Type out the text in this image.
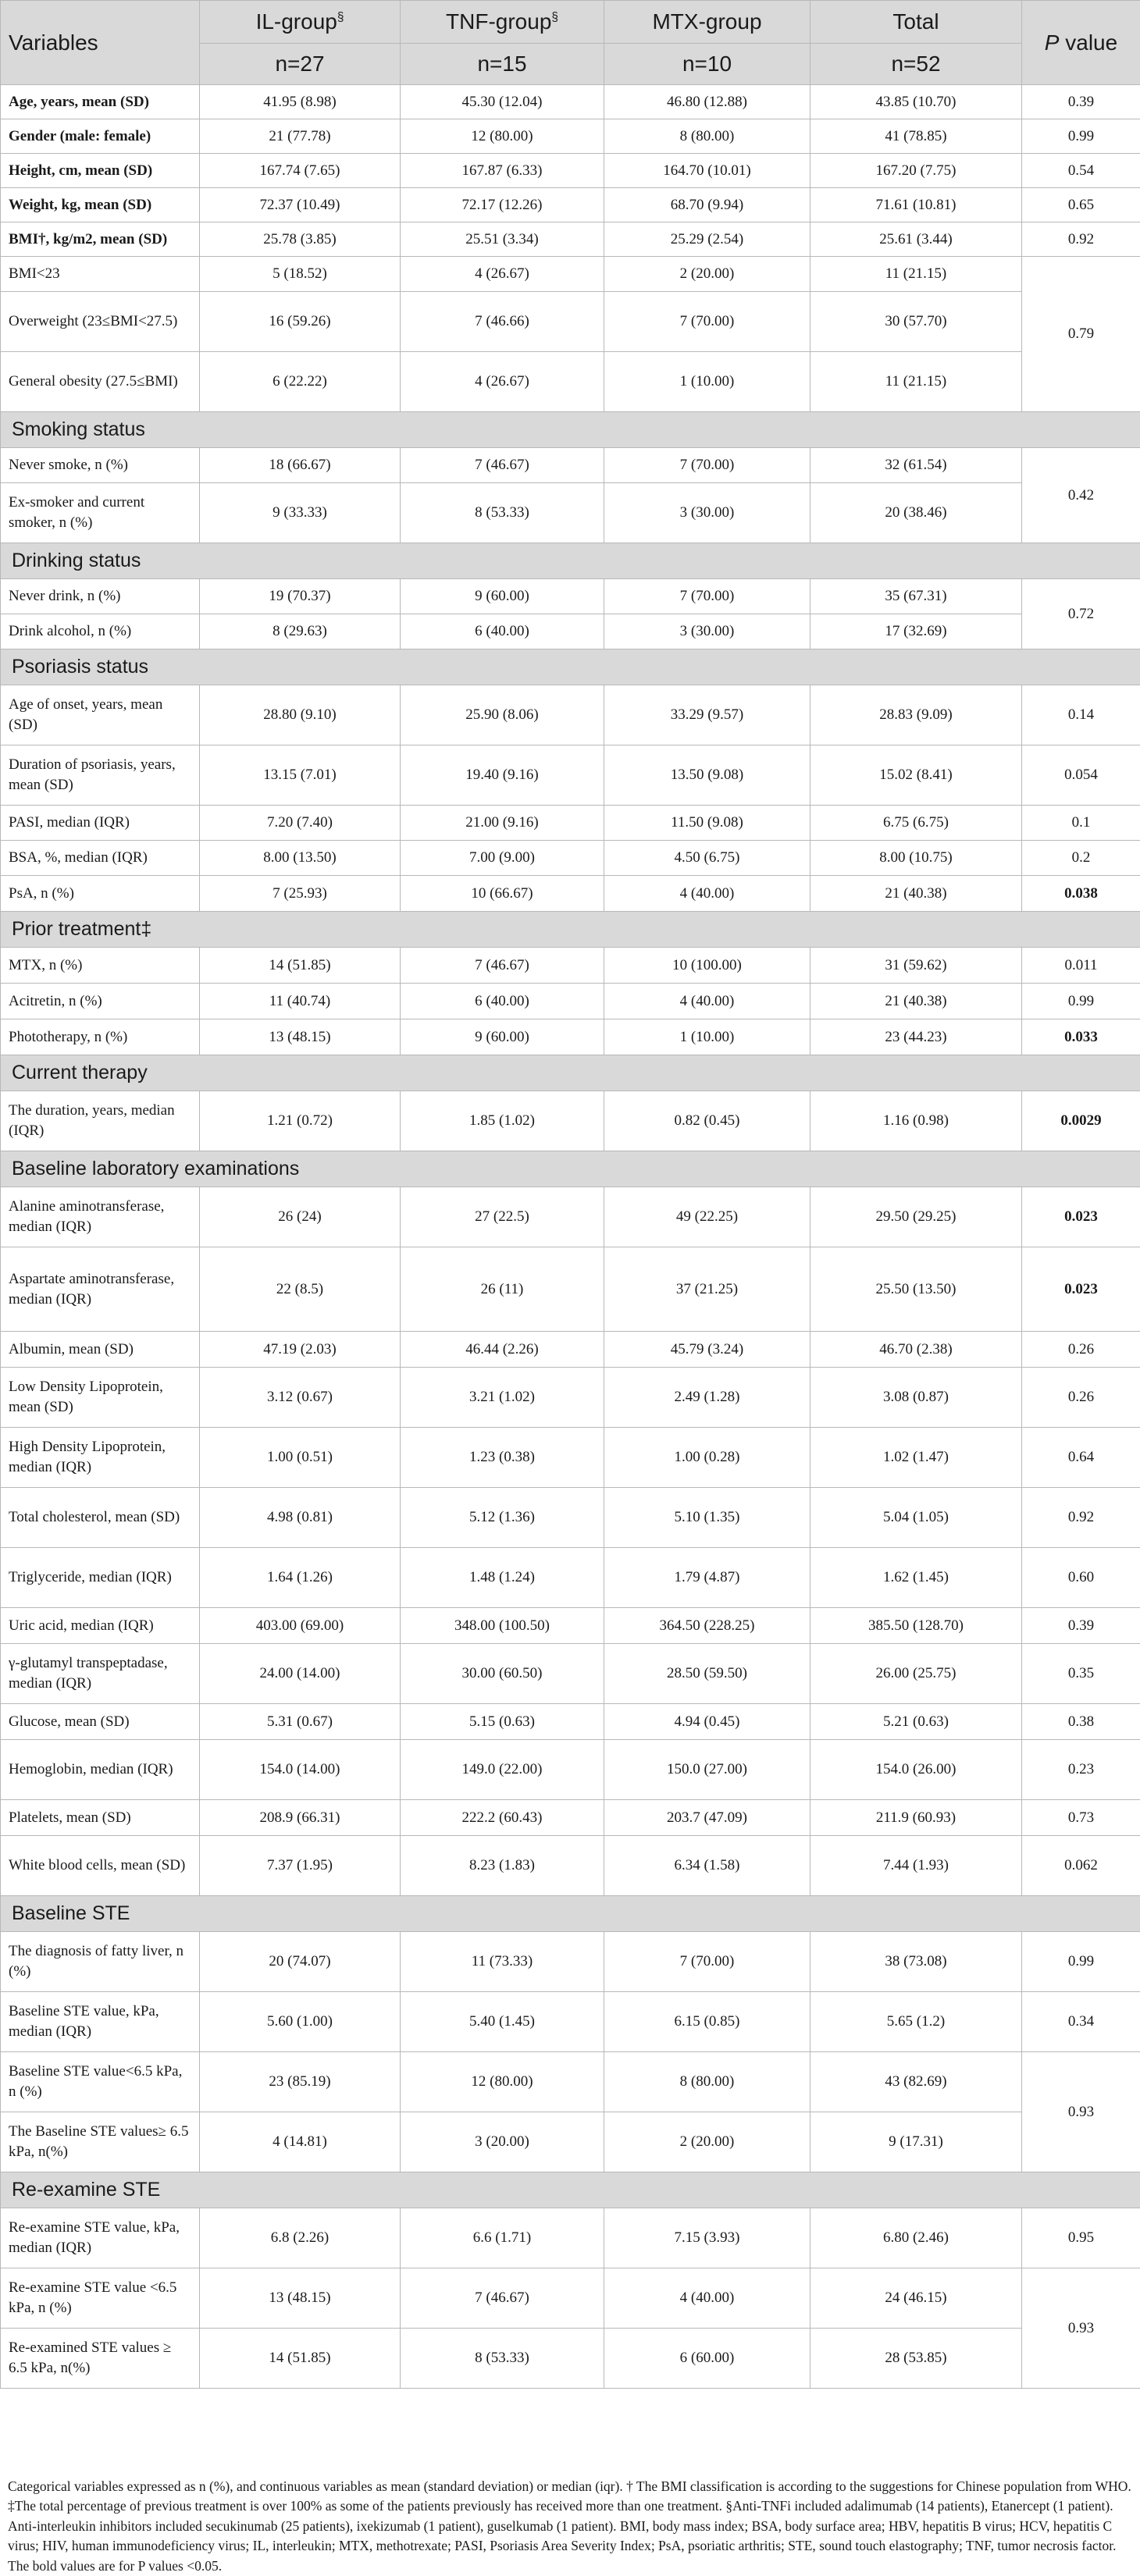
Variables	IL-group§	TNF-group§	MTX-group	Total	P value
	n=27	n=15	n=10	n=52	
Age, years, mean (SD)	41.95 (8.98)	45.30 (12.04)	46.80 (12.88)	43.85 (10.70)	0.39
Gender (male: female)	21 (77.78)	12 (80.00)	8 (80.00)	41 (78.85)	0.99
Height, cm, mean (SD)	167.74 (7.65)	167.87 (6.33)	164.70 (10.01)	167.20 (7.75)	0.54
Weight, kg, mean (SD)	72.37 (10.49)	72.17 (12.26)	68.70 (9.94)	71.61 (10.81)	0.65
BMI†, kg/m2, mean (SD)	25.78 (3.85)	25.51 (3.34)	25.29 (2.54)	25.61 (3.44)	0.92
BMI<23	5 (18.52)	4 (26.67)	2 (20.00)	11 (21.15)	0.79
Overweight (23≤BMI<27.5)	16 (59.26)	7 (46.66)	7 (70.00)	30 (57.70)	
General obesity (27.5≤BMI)	6 (22.22)	4 (26.67)	1 (10.00)	11 (21.15)	
Smoking status					
Never smoke, n (%)	18 (66.67)	7 (46.67)	7 (70.00)	32 (61.54)	0.42
Ex-smoker and current smoker, n (%)	9 (33.33)	8 (53.33)	3 (30.00)	20 (38.46)	
Drinking status					
Never drink, n (%)	19 (70.37)	9 (60.00)	7 (70.00)	35 (67.31)	0.72
Drink alcohol, n (%)	8 (29.63)	6 (40.00)	3 (30.00)	17 (32.69)	
Psoriasis status					
Age of onset, years, mean (SD)	28.80 (9.10)	25.90 (8.06)	33.29 (9.57)	28.83 (9.09)	0.14
Duration of psoriasis, years, mean (SD)	13.15 (7.01)	19.40 (9.16)	13.50 (9.08)	15.02 (8.41)	0.054
PASI, median (IQR)	7.20 (7.40)	21.00 (9.16)	11.50 (9.08)	6.75 (6.75)	0.1
BSA, %, median (IQR)	8.00 (13.50)	7.00 (9.00)	4.50 (6.75)	8.00 (10.75)	0.2
PsA, n (%)	7 (25.93)	10 (66.67)	4 (40.00)	21 (40.38)	0.038
Prior treatment‡					
MTX, n (%)	14 (51.85)	7 (46.67)	10 (100.00)	31 (59.62)	0.011
Acitretin, n (%)	11 (40.74)	6 (40.00)	4 (40.00)	21 (40.38)	0.99
Phototherapy, n (%)	13 (48.15)	9 (60.00)	1 (10.00)	23 (44.23)	0.033
Current therapy					
The duration, years, median (IQR)	1.21 (0.72)	1.85 (1.02)	0.82 (0.45)	1.16 (0.98)	0.0029
Baseline laboratory examinations					
Alanine aminotransferase, median (IQR)	26 (24)	27 (22.5)	49 (22.25)	29.50 (29.25)	0.023
Aspartate aminotransferase, median (IQR)	22 (8.5)	26 (11)	37 (21.25)	25.50 (13.50)	0.023
Albumin, mean (SD)	47.19 (2.03)	46.44 (2.26)	45.79 (3.24)	46.70 (2.38)	0.26
Low Density Lipoprotein, mean (SD)	3.12 (0.67)	3.21 (1.02)	2.49 (1.28)	3.08 (0.87)	0.26
High Density Lipoprotein, median (IQR)	1.00 (0.51)	1.23 (0.38)	1.00 (0.28)	1.02 (1.47)	0.64
Total cholesterol, mean (SD)	4.98 (0.81)	5.12 (1.36)	5.10 (1.35)	5.04 (1.05)	0.92
Triglyceride, median (IQR)	1.64 (1.26)	1.48 (1.24)	1.79 (4.87)	1.62 (1.45)	0.60
Uric acid, median (IQR)	403.00 (69.00)	348.00 (100.50)	364.50 (228.25)	385.50 (128.70)	0.39
γ-glutamyl transpeptadase, median (IQR)	24.00 (14.00)	30.00 (60.50)	28.50 (59.50)	26.00 (25.75)	0.35
Glucose, mean (SD)	5.31 (0.67)	5.15 (0.63)	4.94 (0.45)	5.21 (0.63)	0.38
Hemoglobin, median (IQR)	154.0 (14.00)	149.0 (22.00)	150.0 (27.00)	154.0 (26.00)	0.23
Platelets, mean (SD)	208.9 (66.31)	222.2 (60.43)	203.7 (47.09)	211.9 (60.93)	0.73
White blood cells, mean (SD)	7.37 (1.95)	8.23 (1.83)	6.34 (1.58)	7.44 (1.93)	0.062
Baseline STE					
The diagnosis of fatty liver, n (%)	20 (74.07)	11 (73.33)	7 (70.00)	38 (73.08)	0.99
Baseline STE value, kPa, median (IQR)	5.60 (1.00)	5.40 (1.45)	6.15 (0.85)	5.65 (1.2)	0.34
Baseline STE value<6.5 kPa, n (%)	23 (85.19)	12 (80.00)	8 (80.00)	43 (82.69)	0.93
The Baseline STE values≥ 6.5 kPa, n(%)	4 (14.81)	3 (20.00)	2 (20.00)	9 (17.31)	
Re-examine STE					
Re-examine STE value, kPa, median (IQR)	6.8 (2.26)	6.6 (1.71)	7.15 (3.93)	6.80 (2.46)	0.95
Re-examine STE value <6.5 kPa, n (%)	13 (48.15)	7 (46.67)	4 (40.00)	24 (46.15)	0.93
Re-examined STE values ≥ 6.5 kPa, n(%)	14 (51.85)	8 (53.33)	6 (60.00)	28 (53.85)	

Categorical variables expressed as n (%), and continuous variables as mean (standard deviation) or median (iqr). † The BMI classification is according to the suggestions for Chinese population from WHO. ‡The total percentage of previous treatment is over 100% as some of the patients previously has received more than one treatment. §Anti-TNFi included adalimumab (14 patients), Etanercept (1 patient). Anti-interleukin inhibitors included secukinumab (25 patients), ixekizumab (1 patient), guselkumab (1 patient). BMI, body mass index; BSA, body surface area; HBV, hepatitis B virus; HCV, hepatitis C virus; HIV, human immunodeficiency virus; IL, interleukin; MTX, methotrexate; PASI, Psoriasis Area Severity Index; PsA, psoriatic arthritis; STE, sound touch elastography; TNF, tumor necrosis factor.

The bold values are for P values <0.05.
